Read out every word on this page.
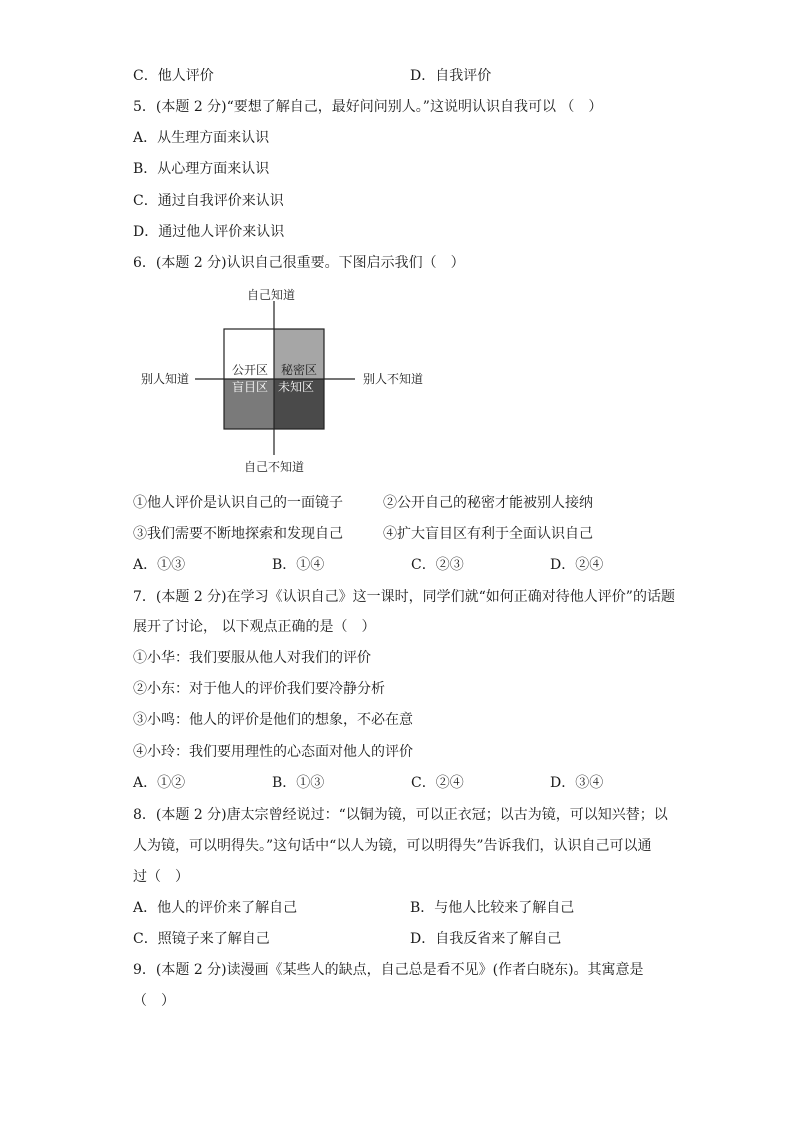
C．他人评价	D．自我评价
5．(本题 2 分)“要想了解自己，最好问问别人。”这说明认识自我可以 （　）
A．从生理方面来认识
B．从心理方面来认识
C．通过自我评价来认识
D．通过他人评价来认识
6．(本题 2 分)认识自己很重要。下图启示我们（　）
自己知道
自己不知道
别人知道	别人不知道
公开区 秘密区
盲目区 未知区
①他人评价是认识自己的一面镜子	②公开自己的秘密才能被别人接纳
③我们需要不断地探索和发现自己	④扩大盲目区有利于全面认识自己
A．①③	B．①④	C．②③	D．②④
7．(本题 2 分)在学习《认识自己》这一课时，同学们就“如何正确对待他人评价”的话题
展开了讨论， 以下观点正确的是（　）
①小华：我们要服从他人对我们的评价
②小东：对于他人的评价我们要冷静分析
③小鸣：他人的评价是他们的想象，不必在意
④小玲：我们要用理性的心态面对他人的评价
A．①②	B．①③	C．②④	D．③④
8．(本题 2 分)唐太宗曾经说过：“以铜为镜，可以正衣冠；以古为镜，可以知兴替；以
人为镜，可以明得失。”这句话中“以人为镜，可以明得失”告诉我们，认识自己可以通
过（　）
A．他人的评价来了解自己	B．与他人比较来了解自己
C．照镜子来了解自己	D．自我反省来了解自己
9．(本题 2 分)读漫画《某些人的缺点，自己总是看不见》(作者白晓东)。其寓意是
（　）
